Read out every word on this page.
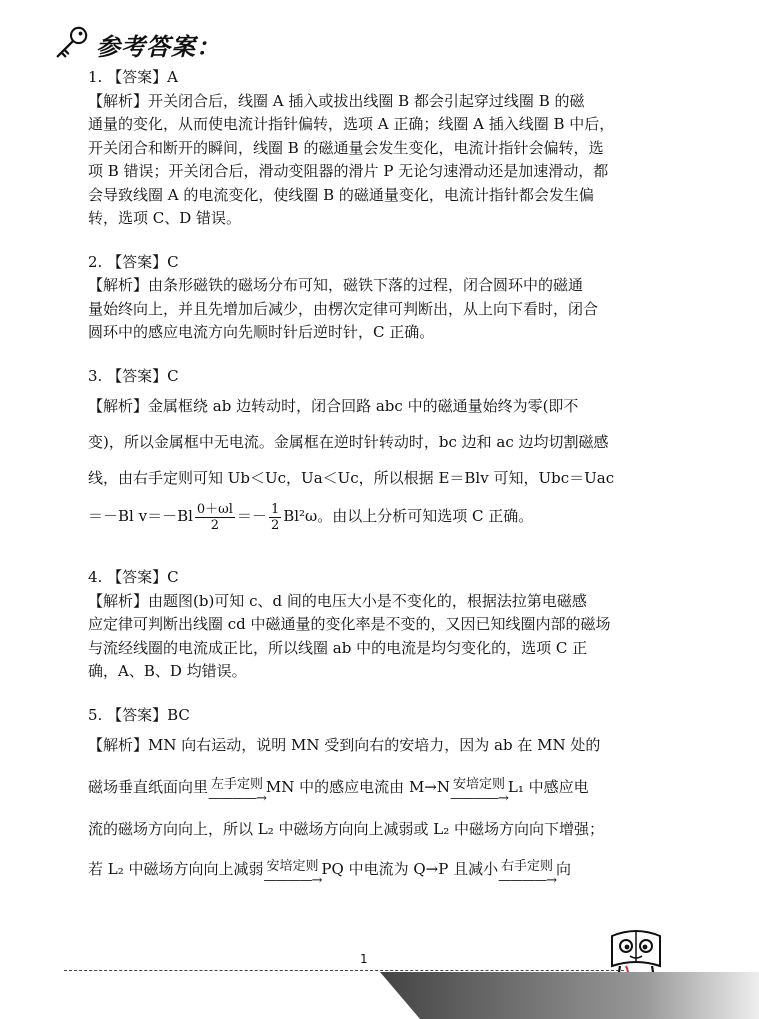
参考答案：

1. 【答案】A

【解析】开关闭合后，线圈 A 插入或拔出线圈 B 都会引起穿过线圈 B 的磁

通量的变化，从而使电流计指针偏转，选项 A 正确；线圈 A 插入线圈 B 中后，

开关闭合和断开的瞬间，线圈 B 的磁通量会发生变化，电流计指针会偏转，选

项 B 错误；开关闭合后，滑动变阻器的滑片 P 无论匀速滑动还是加速滑动，都

会导致线圈 A 的电流变化，使线圈 B 的磁通量变化，电流计指针都会发生偏

转，选项 C、D 错误。

2. 【答案】C

【解析】由条形磁铁的磁场分布可知，磁铁下落的过程，闭合圆环中的磁通

量始终向上，并且先增加后减少，由楞次定律可判断出，从上向下看时，闭合

圆环中的感应电流方向先顺时针后逆时针，C 正确。

3. 【答案】C

【解析】金属框绕 ab 边转动时，闭合回路 abc 中的磁通量始终为零(即不

变)，所以金属框中无电流。金属框在逆时针转动时，bc 边和 ac 边均切割磁感

线，由右手定则可知 Ub＜Uc，Ua＜Uc，所以根据 E＝Blv 可知，Ubc＝Uac

＝－Bl $v=-Bl \frac{0+\omega l}{2} =- \frac{1}{2} Bl^2\omega$。由以上分析可知选项 C 正确。

4. 【答案】C

【解析】由题图(b)可知 c、d 间的电压大小是不变化的，根据法拉第电磁感

应定律可判断出线圈 cd 中磁通量的变化率是不变的，又因已知线圈内部的磁场

与流经线圈的电流成正比，所以线圈 ab 中的电流是均匀变化的，选项 C 正

确，A、B、D 均错误。

5. 【答案】BC

【解析】MN 向右运动，说明 MN 受到向右的安培力，因为 ab 在 MN 处的

磁场垂直纸面向里 左手定则
————→
MN 中的感应电流由 M→N 安培定则
————→
L₁ 中感应电

流的磁场方向向上，所以 L₂ 中磁场方向向上减弱或 L₂ 中磁场方向向下增强；

若 L₂ 中磁场方向向上减弱 安培定则
————→
PQ 中电流为 Q→P 且减小 右手定则
————→
向

1
